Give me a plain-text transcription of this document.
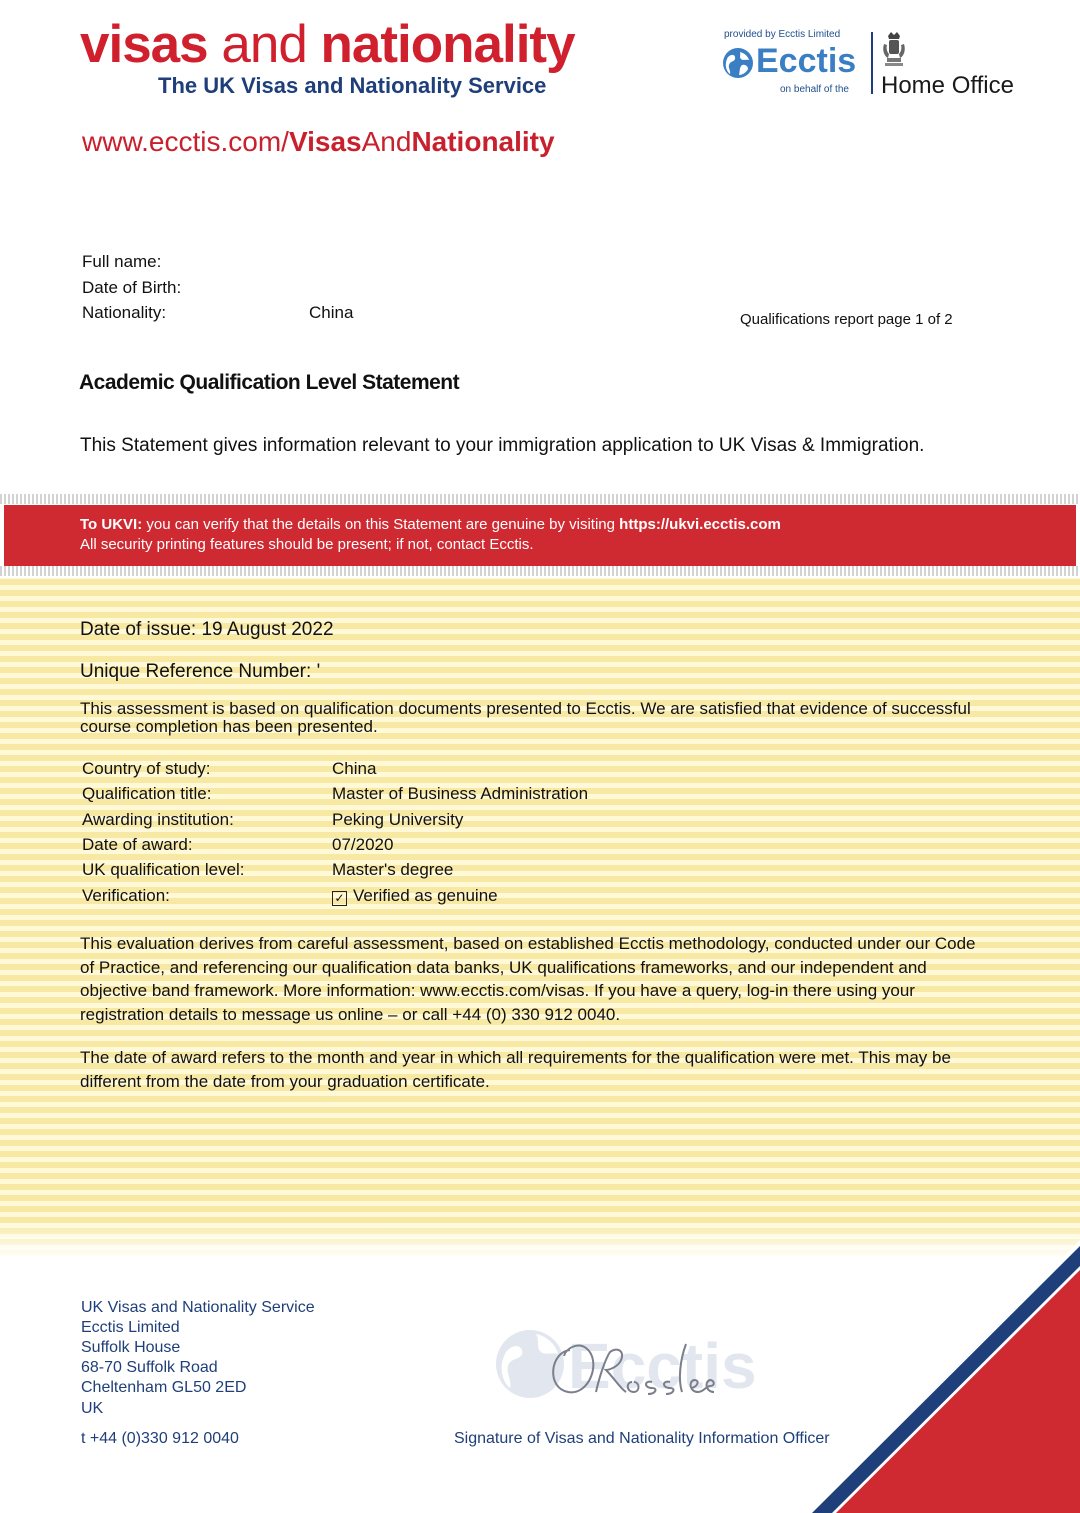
visas and nationality
The UK Visas and Nationality Service
www.ecctis.com/VisasAndNationality
provided by Ecctis Limited
Ecctis
on behalf of the Home Office
Full name:
Date of Birth:
Nationality:	China	Qualifications report page 1 of 2
Academic Qualification Level Statement
This Statement gives information relevant to your immigration application to UK Visas & Immigration.
To UKVI: you can verify that the details on this Statement are genuine by visiting https://ukvi.ecctis.com
All security printing features should be present; if not, contact Ecctis.
Date of issue: 19 August 2022
Unique Reference Number: '
This assessment is based on qualification documents presented to Ecctis. We are satisfied that evidence of successful course completion has been presented.
Country of study:	China
Qualification title:	Master of Business Administration
Awarding institution:	Peking University
Date of award:	07/2020
UK qualification level:	Master's degree
Verification:	✓ Verified as genuine
This evaluation derives from careful assessment, based on established Ecctis methodology, conducted under our Code of Practice, and referencing our qualification data banks, UK qualifications frameworks, and our independent and objective band framework. More information: www.ecctis.com/visas. If you have a query, log-in there using your registration details to message us online – or call +44 (0) 330 912 0040.
The date of award refers to the month and year in which all requirements for the qualification were met. This may be different from the date from your graduation certificate.
UK Visas and Nationality Service
Ecctis Limited
Suffolk House
68-70 Suffolk Road
Cheltenham GL50 2ED
UK
t +44 (0)330 912 0040
Ecctis
Signature of Visas and Nationality Information Officer
